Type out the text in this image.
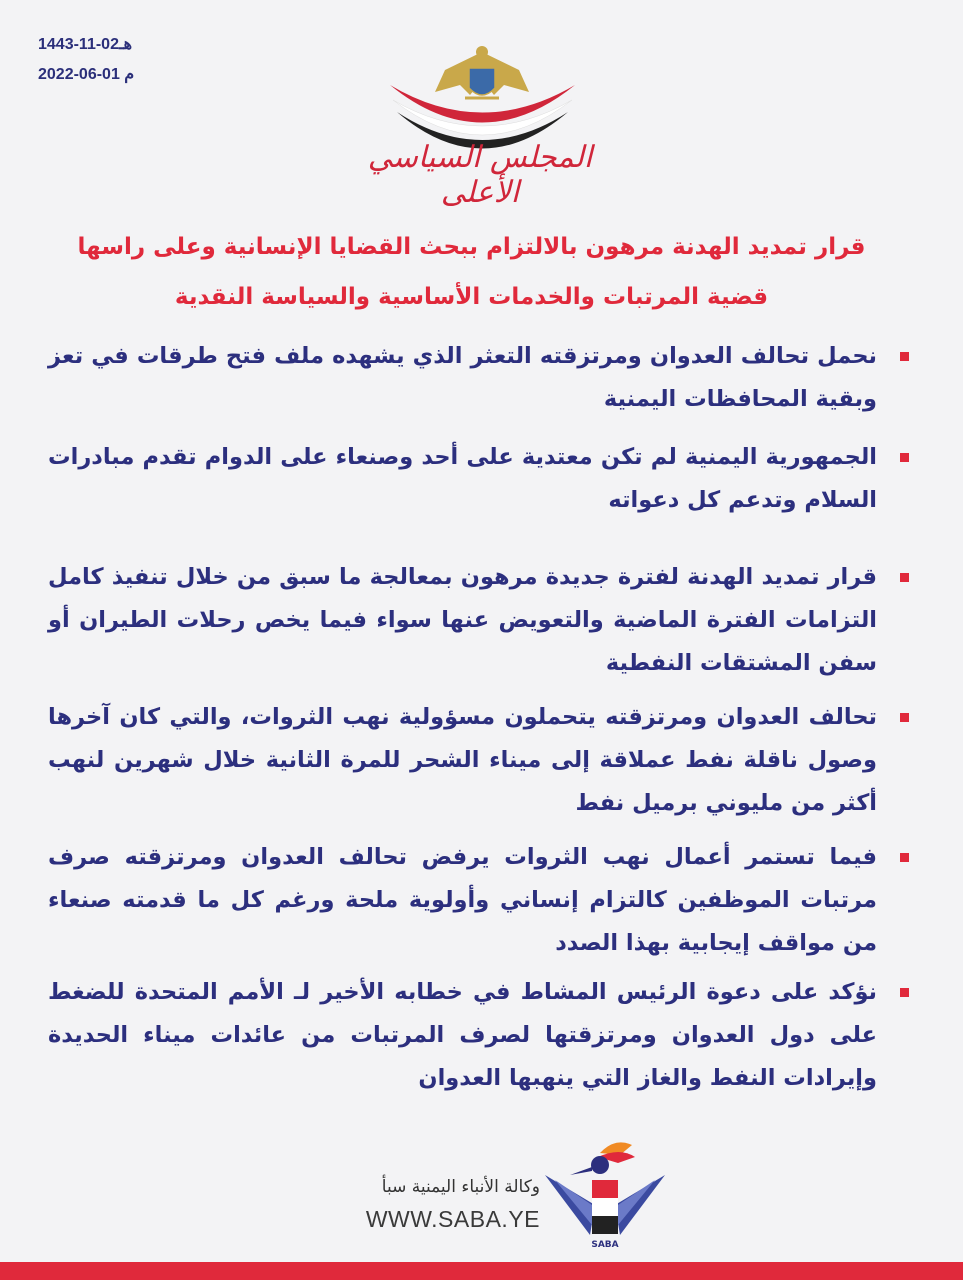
1443-11-02هـ
2022-06-01 م
المجلس السياسي الأعلى
قرار تمديد الهدنة مرهون بالالتزام ببحث القضايا الإنسانية وعلى راسها
قضية المرتبات والخدمات الأساسية والسياسة النقدية
نحمل تحالف العدوان ومرتزقته التعثر الذي يشهده ملف فتح طرقات في تعز وبقية المحافظات اليمنية
الجمهورية اليمنية لم تكن معتدية على أحد وصنعاء على الدوام تقدم مبادرات السلام وتدعم كل دعواته
قرار تمديد الهدنة لفترة جديدة مرهون بمعالجة ما سبق من خلال تنفيذ كامل التزامات الفترة الماضية والتعويض عنها سواء فيما يخص رحلات الطيران أو سفن المشتقات النفطية
تحالف العدوان ومرتزقته يتحملون مسؤولية نهب الثروات، والتي كان آخرها وصول ناقلة نفط عملاقة إلى ميناء الشحر للمرة الثانية خلال شهرين لنهب أكثر من مليوني برميل نفط
فيما تستمر أعمال نهب الثروات يرفض تحالف العدوان ومرتزقته صرف مرتبات الموظفين كالتزام إنساني وأولوية ملحة ورغم كل ما قدمته صنعاء من مواقف إيجابية بهذا الصدد
نؤكد على دعوة الرئيس المشاط في خطابه الأخير لـ الأمم المتحدة للضغط على دول العدوان ومرتزقتها لصرف المرتبات من عائدات ميناء الحديدة وإيرادات النفط والغاز التي ينهبها العدوان
وكالة الأنباء اليمنية سبأ
WWW.SABA.YE
SABA
